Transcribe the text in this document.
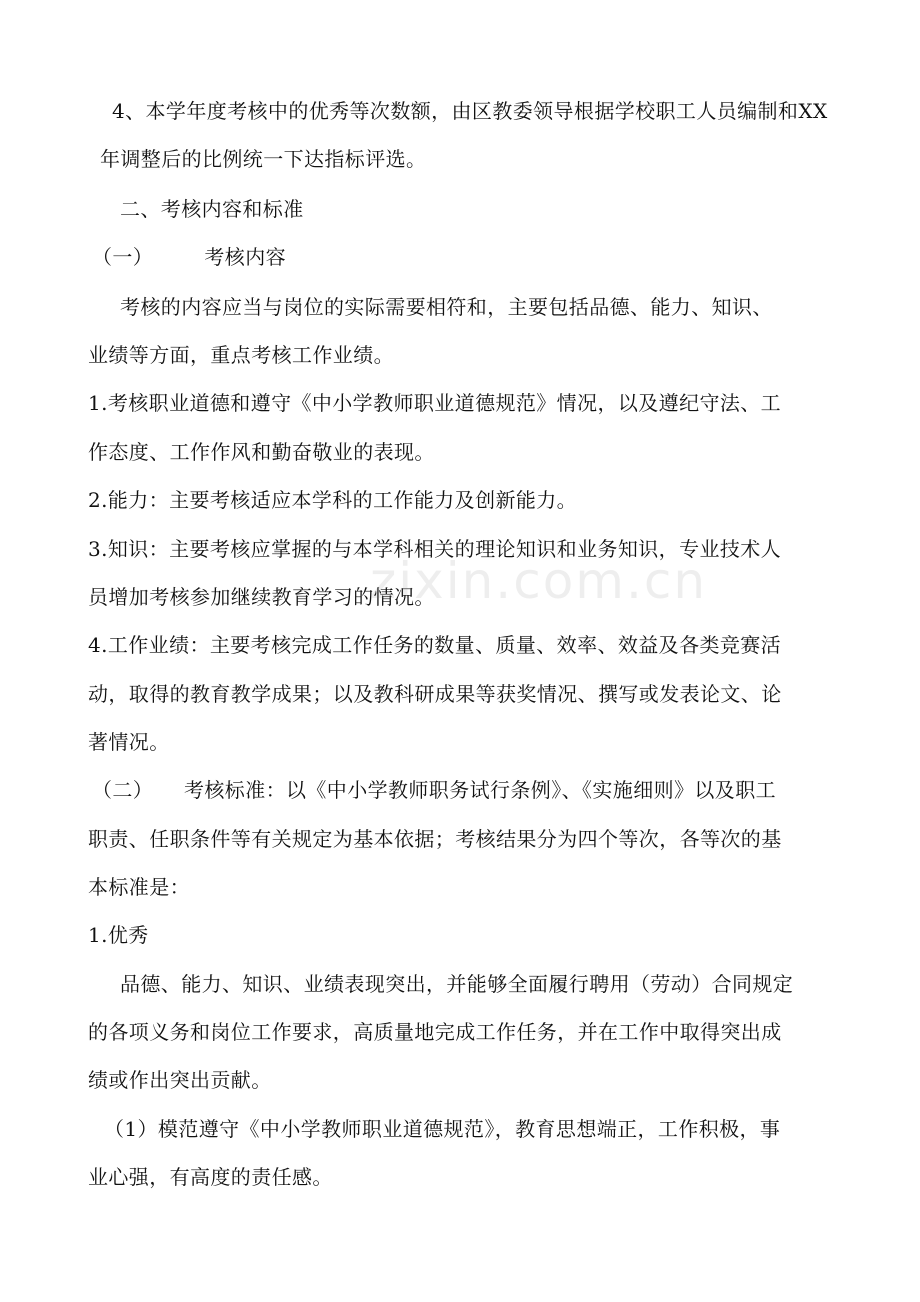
4、本学年度考核中的优秀等次数额，由区教委领导根据学校职工人员编制和XX
年调整后的比例统一下达指标评选。
二、考核内容和标准
（一）　　　考核内容
考核的内容应当与岗位的实际需要相符和，主要包括品德、能力、知识、
业绩等方面，重点考核工作业绩。
1.考核职业道德和遵守《中小学教师职业道德规范》情况，以及遵纪守法、工
作态度、工作作风和勤奋敬业的表现。
2.能力：主要考核适应本学科的工作能力及创新能力。
3.知识：主要考核应掌握的与本学科相关的理论知识和业务知识，专业技术人
员增加考核参加继续教育学习的情况。
4.工作业绩：主要考核完成工作任务的数量、质量、效率、效益及各类竞赛活
动，取得的教育教学成果；以及教科研成果等获奖情况、撰写或发表论文、论
著情况。
（二）　　考核标准：以《中小学教师职务试行条例》、《实施细则》以及职工
职责、任职条件等有关规定为基本依据；考核结果分为四个等次，各等次的基
本标准是：
1.优秀
品德、能力、知识、业绩表现突出，并能够全面履行聘用（劳动）合同规定
的各项义务和岗位工作要求，高质量地完成工作任务，并在工作中取得突出成
绩或作出突出贡献。
（1）模范遵守《中小学教师职业道德规范》，教育思想端正，工作积极，事
业心强，有高度的责任感。
zixin.com.cn
